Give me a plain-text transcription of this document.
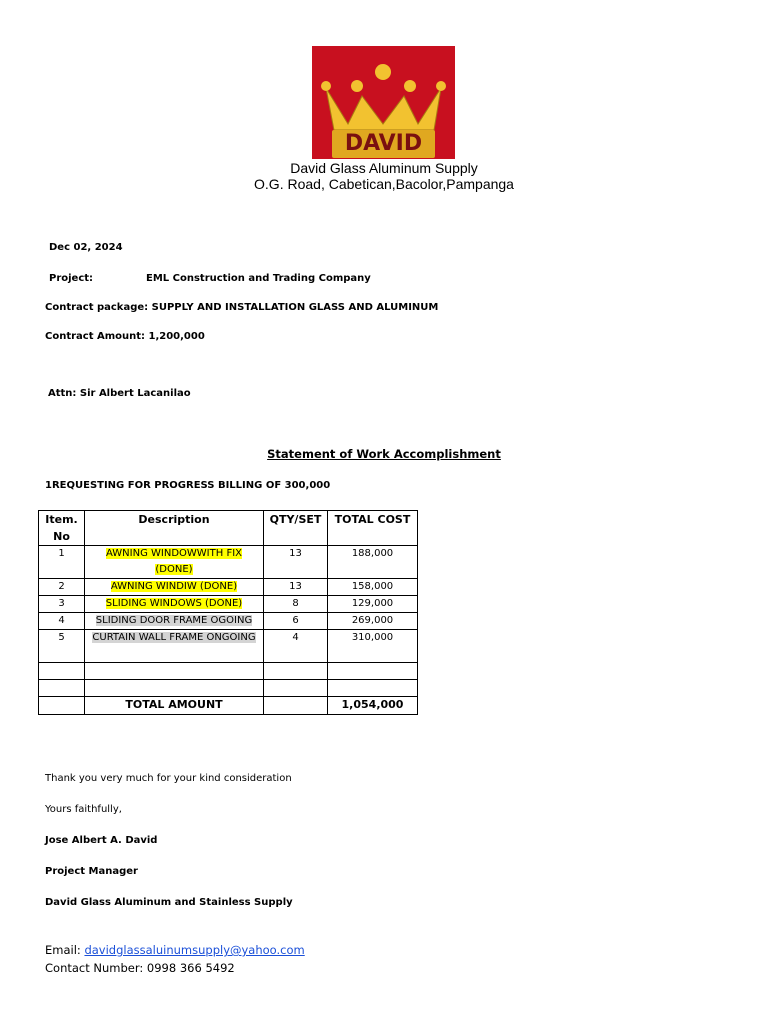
DAVID
David Glass Aluminum Supply
O.G. Road, Cabetican,Bacolor,Pampanga
Dec 02, 2024
Project:	EML Construction and Trading Company
Contract package: SUPPLY AND INSTALLATION GLASS AND ALUMINUM
Contract Amount: 1,200,000
Attn: Sir Albert Lacanilao
Statement of Work Accomplishment
1REQUESTING FOR PROGRESS BILLING OF 300,000
Item. No	Description	QTY/SET	TOTAL COST
1	AWNING WINDOWWITH FIX (DONE)	13	188,000
2	AWNING WINDIW (DONE)	13	158,000
3	SLIDING WINDOWS (DONE)	8	129,000
4	SLIDING DOOR FRAME OGOING	6	269,000
5	CURTAIN WALL FRAME ONGOING	4	310,000

	TOTAL AMOUNT		1,054,000
Thank you very much for your kind consideration
Yours faithfully,
Jose Albert A. David
Project Manager
David Glass Aluminum and Stainless Supply
Email: davidglassaluinumsupply@yahoo.com
Contact Number: 0998 366 5492
